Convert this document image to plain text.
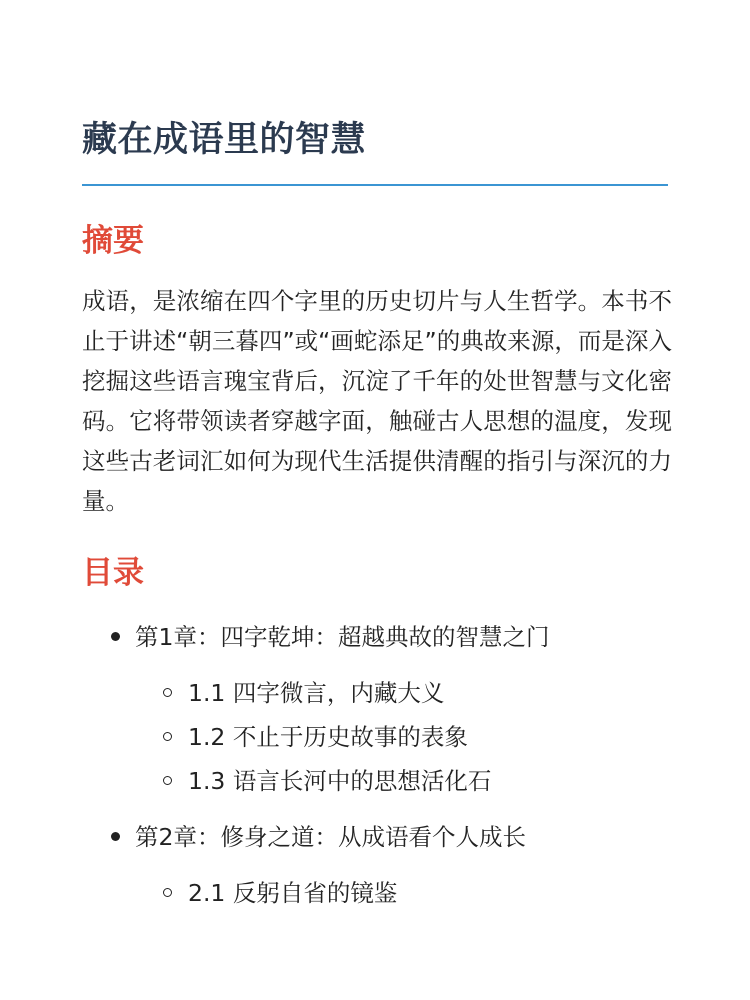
藏在成语里的智慧
摘要

成语，是浓缩在四个字里的历史切片与人生哲学。本书不止于讲述“朝三暮四”或“画蛇添足”的典故来源，而是深入挖掘这些语言瑰宝背后，沉淀了千年的处世智慧与文化密码。它将带领读者穿越字面，触碰古人思想的温度，发现这些古老词汇如何为现代生活提供清醒的指引与深沉的力量。

目录
第1章：四字乾坤：超越典故的智慧之门
1.1 四字微言，内藏大义
1.2 不止于历史故事的表象
1.3 语言长河中的思想活化石
第2章：修身之道：从成语看个人成长
2.1 反躬自省的镜鉴
